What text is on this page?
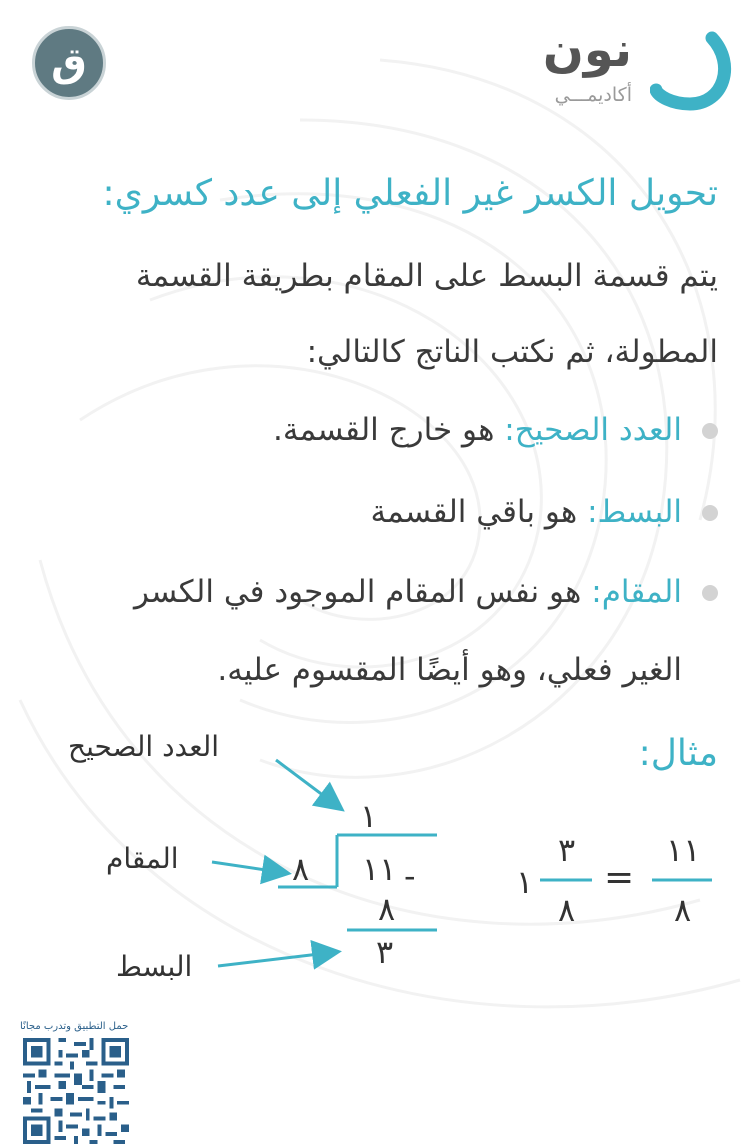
ق	نون
أكاديمـــي
تحويل الكسر غير الفعلي إلى عدد كسري:
يتم قسمة البسط على المقام بطريقة القسمة
المطولة، ثم نكتب الناتج كالتالي:
العدد الصحيح: هو خارج القسمة.
البسط: هو باقي القسمة
المقام: هو نفس المقام الموجود في الكسر
الغير فعلي، وهو أيضًا المقسوم عليه.
مثال:
العدد الصحيح
المقام
البسط
١
٨ ١١ -
٨
٣
١١
٨
=
٣
٨
١
حمل التطبيق وتدرب مجانًا
